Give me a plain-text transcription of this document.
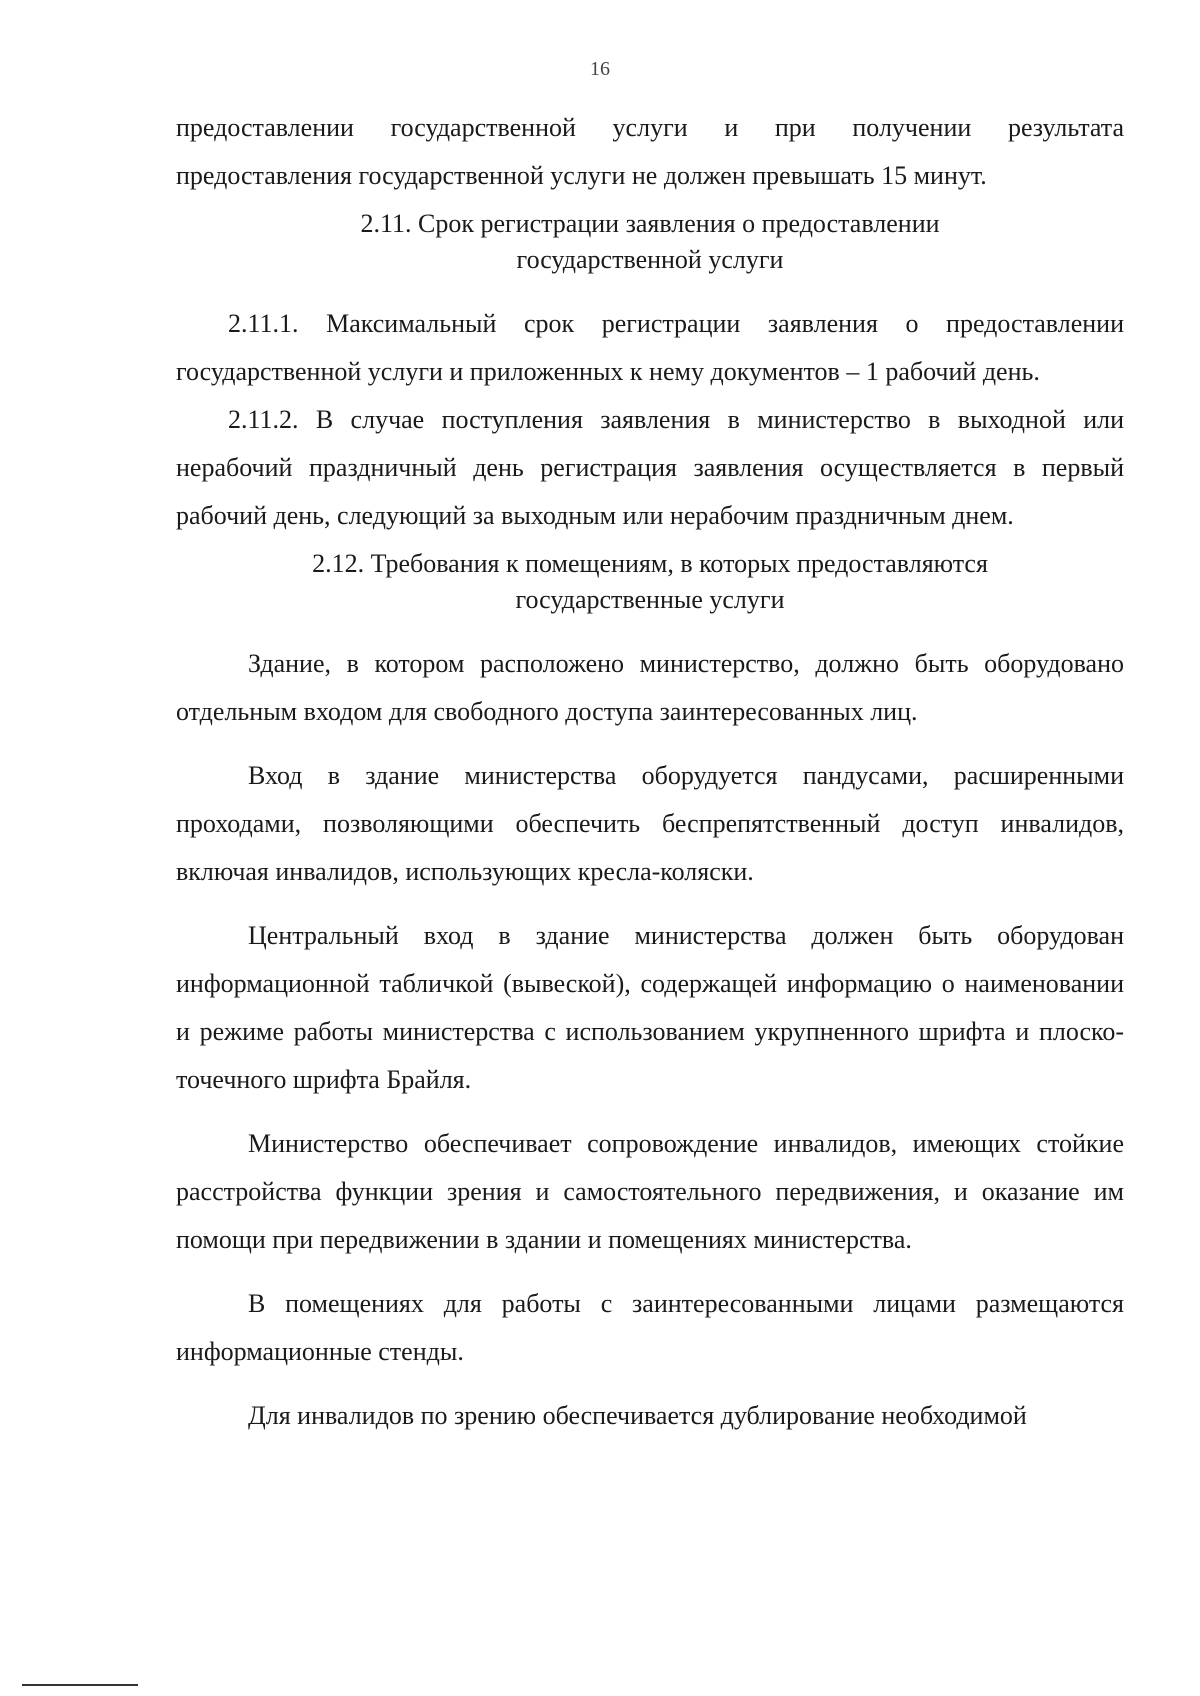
16

предоставлении государственной услуги и при получении результата предоставления государственной услуги не должен превышать 15 минут.

2.11. Срок регистрации заявления о предоставлении

государственной услуги

2.11.1. Максимальный срок регистрации заявления о предоставлении государственной услуги и приложенных к нему документов – 1 рабочий день.

2.11.2. В случае поступления заявления в министерство в выходной или нерабочий праздничный день регистрация заявления осуществляется в первый рабочий день, следующий за выходным или нерабочим праздничным днем.

2.12. Требования к помещениям, в которых предоставляются

государственные услуги

Здание, в котором расположено министерство, должно быть оборудовано отдельным входом для свободного доступа заинтересованных лиц.

Вход в здание министерства оборудуется пандусами, расширенными проходами, позволяющими обеспечить беспрепятственный доступ инвалидов, включая инвалидов, использующих кресла-коляски.

Центральный вход в здание министерства должен быть оборудован информационной табличкой (вывеской), содержащей информацию о наименовании и режиме работы министерства с использованием укрупненного шрифта и плоско-точечного шрифта Брайля.

Министерство обеспечивает сопровождение инвалидов, имеющих стойкие расстройства функции зрения и самостоятельного передвижения, и оказание им помощи при передвижении в здании и помещениях министерства.

В помещениях для работы с заинтересованными лицами размещаются информационные стенды.

Для инвалидов по зрению обеспечивается дублирование необходимой
